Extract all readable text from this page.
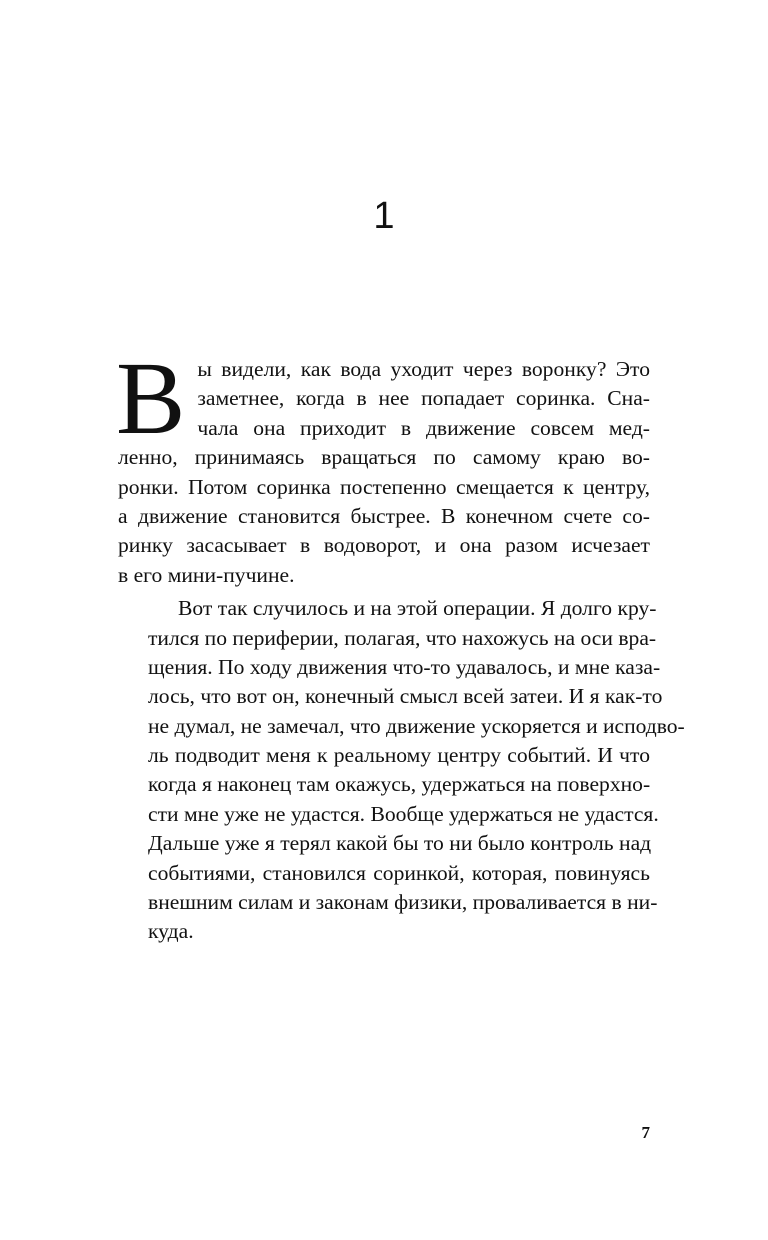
1
В ы видели, как вода уходит через воронку? Это
заметнее, когда в нее попадает соринка. Сна-
чала она приходит в движение совсем мед-
ленно, принимаясь вращаться по самому краю во-
ронки. Потом соринка постепенно смещается к центру,
а движение становится быстрее. В конечном счете со-
ринку засасывает в водоворот, и она разом исчезает
в его мини-пучине.
Вот так случилось и на этой операции. Я долго кру-
тился по периферии, полагая, что нахожусь на оси вра-
щения. По ходу движения что-то удавалось, и мне каза-
лось, что вот он, конечный смысл всей затеи. И я как-то
не думал, не замечал, что движение ускоряется и исподво-
ль подводит меня к реальному центру событий. И что
когда я наконец там окажусь, удержаться на поверхно-
сти мне уже не удастся. Вообще удержаться не удастся.
Дальше уже я терял какой бы то ни было контроль над
событиями, становился соринкой, которая, повинуясь
внешним силам и законам физики, проваливается в ни-
куда.
7
